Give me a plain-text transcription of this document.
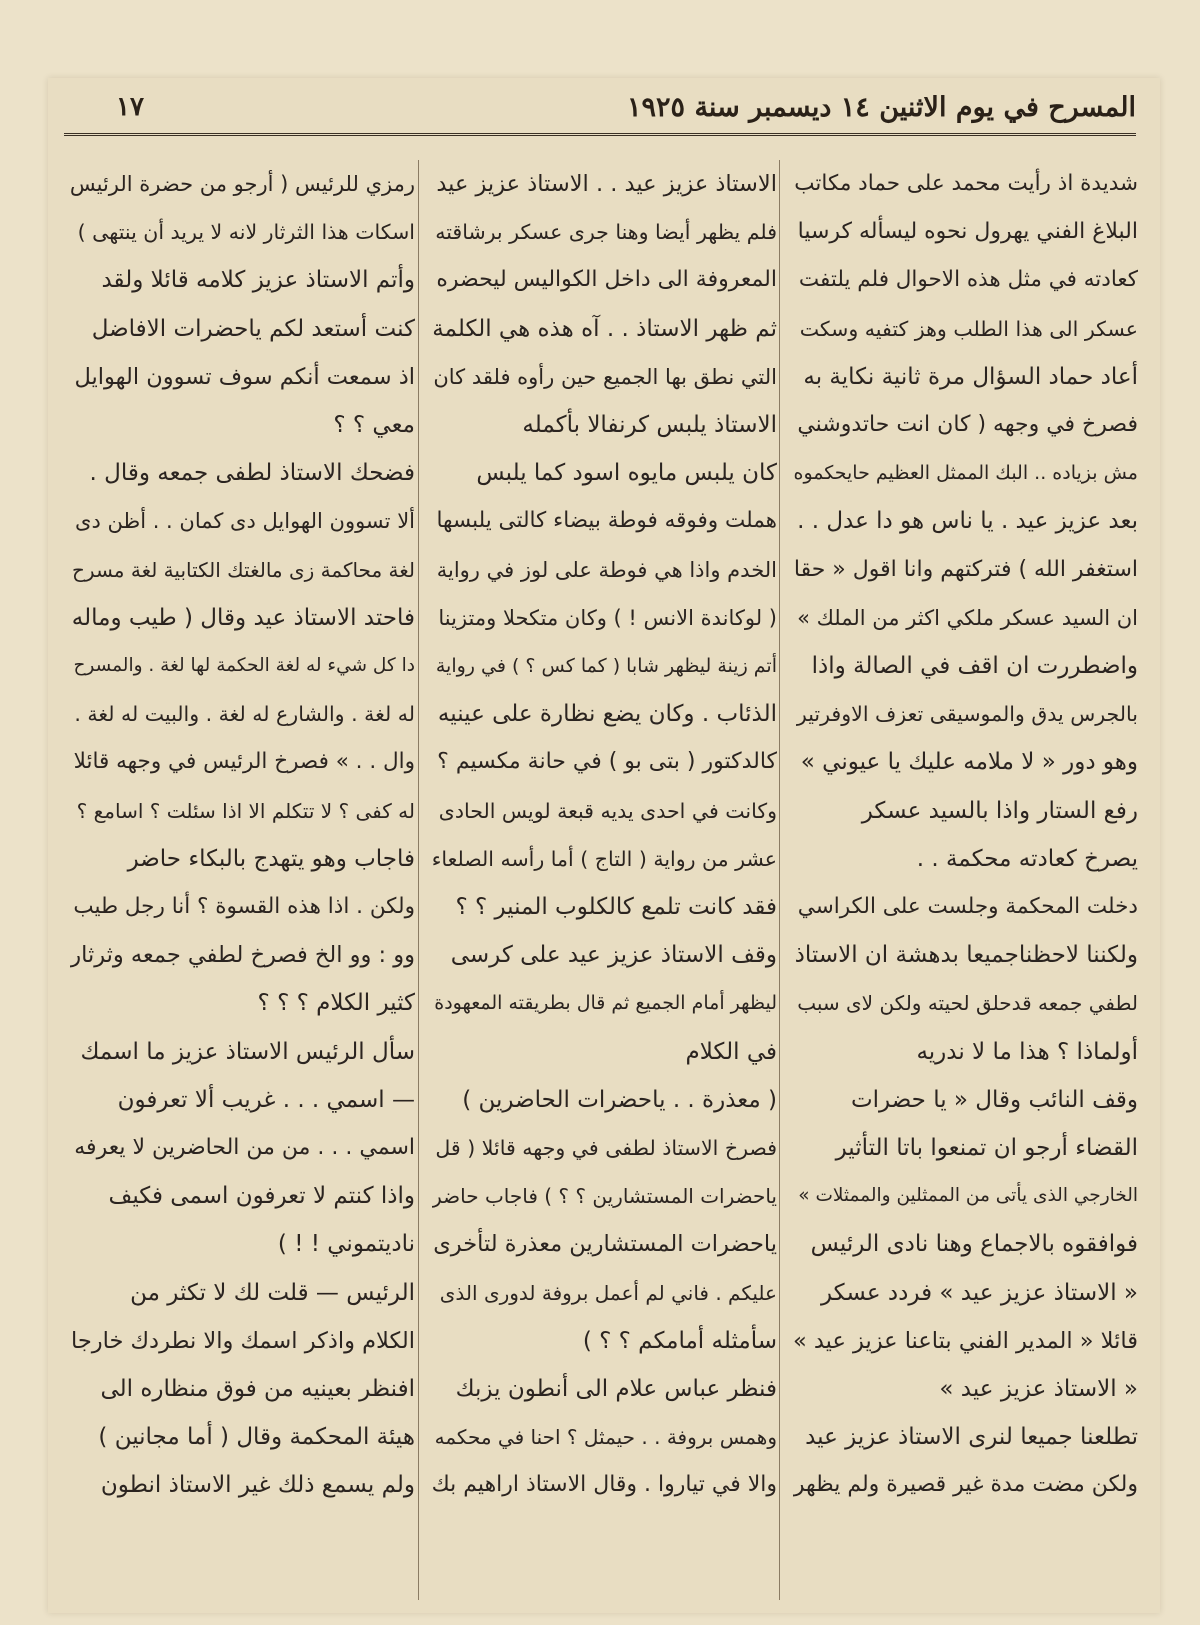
المسرح في يوم الاثنين ١٤ ديسمبر سنة ١٩٢٥
١٧

شديدة اذ رأيت محمد على حماد مكاتب

البلاغ الفني يهرول نحوه ليسأله كرسيا

كعادته في مثل هذه الاحوال فلم يلتفت

عسكر الى هذا الطلب وهز كتفيه وسكت

أعاد حماد السؤال مرة ثانية نكاية به

فصرخ في وجهه ( كان انت حاتدوشني

مش بزياده .. البك الممثل العظيم حايحكموه

بعد عزيز عيد . يا ناس هو دا عدل . .

استغفر الله ) فتركتهم وانا اقول « حقا

ان السيد عسكر ملكي اكثر من الملك »

واضطررت ان اقف في الصالة واذا

بالجرس يدق والموسيقى تعزف الاوفرتير

وهو دور « لا ملامه عليك يا عيوني »

رفع الستار واذا بالسيد عسكر

يصرخ كعادته محكمة . .

دخلت المحكمة وجلست على الكراسي

ولكننا لاحظناجميعا بدهشة ان الاستاذ

لطفي جمعه قدحلق لحيته ولكن لاى سبب

أولماذا ؟ هذا ما لا ندريه

وقف النائب وقال « يا حضرات

القضاء أرجو ان تمنعوا باتا التأثير

الخارجي الذى يأتى من الممثلين والممثلات »

فوافقوه بالاجماع وهنا نادى الرئيس

« الاستاذ عزيز عيد » فردد عسكر

قائلا « المدير الفني بتاعنا عزيز عيد »

« الاستاذ عزيز عيد »

تطلعنا جميعا لنرى الاستاذ عزيز عيد

ولكن مضت مدة غير قصيرة ولم يظهر

الاستاذ عزيز عيد . . الاستاذ عزيز عيد

فلم يظهر أيضا وهنا جرى عسكر برشاقته

المعروفة الى داخل الكواليس ليحضره

ثم ظهر الاستاذ . . آه هذه هي الكلمة

التي نطق بها الجميع حين رأوه فلقد كان

الاستاذ يلبس كرنفالا بأكمله

كان يلبس مايوه اسود كما يلبس

هملت وفوقه فوطة بيضاء كالتى يلبسها

الخدم واذا هي فوطة على لوز في رواية

( لوكاندة الانس ! ) وكان متكحلا ومتزينا

أتم زينة ليظهر شابا ( كما كس ؟ ) في رواية

الذئاب . وكان يضع نظارة على عينيه

كالدكتور ( بتى بو ) في حانة مكسيم ؟

وكانت في احدى يديه قبعة لويس الحادى

عشر من رواية ( التاج ) أما رأسه الصلعاء

فقد كانت تلمع كالكلوب المنير ؟ ؟

وقف الاستاذ عزيز عيد على كرسى

ليظهر أمام الجميع ثم قال بطريقته المعهودة

في الكلام

( معذرة . . ياحضرات الحاضرين )

فصرخ الاستاذ لطفى في وجهه قائلا ( قل

ياحضرات المستشارين ؟ ؟ ) فاجاب حاضر

ياحضرات المستشارين معذرة لتأخرى

عليكم . فاني لم أعمل بروفة لدورى الذى

سأمثله أمامكم ؟ ؟ )

فنظر عباس علام الى أنطون يزبك

وهمس بروفة . . حيمثل ؟ احنا في محكمه

والا في تياروا . وقال الاستاذ اراهيم بك

رمزي للرئيس ( أرجو من حضرة الرئيس

اسكات هذا الثرثار لانه لا يريد أن ينتهى )

وأتم الاستاذ عزيز كلامه قائلا ولقد

كنت أستعد لكم ياحضرات الافاضل

اذ سمعت أنكم سوف تسوون الهوايل

معي ؟ ؟

فضحك الاستاذ لطفى جمعه وقال .

ألا تسوون الهوايل دى كمان . . أظن دى

لغة محاكمة زى مالغتك الكتابية لغة مسرح

فاحتد الاستاذ عيد وقال ( طيب وماله

دا كل شيء له لغة الحكمة لها لغة . والمسرح

له لغة . والشارع له لغة . والبيت له لغة .

وال . . » فصرخ الرئيس في وجهه قائلا

له كفى ؟ لا تتكلم الا اذا سئلت ؟ اسامع ؟

فاجاب وهو يتهدج بالبكاء حاضر

ولكن . اذا هذه القسوة ؟ أنا رجل طيب

وو : وو الخ فصرخ لطفي جمعه وثرثار

كثير الكلام ؟ ؟ ؟

سأل الرئيس الاستاذ عزيز ما اسمك

— اسمي . . . غريب ألا تعرفون

اسمي . . . من من الحاضرين لا يعرفه

واذا كنتم لا تعرفون اسمى فكيف

ناديتموني ! ! )

الرئيس — قلت لك لا تكثر من

الكلام واذكر اسمك والا نطردك خارجا

افنظر بعينيه من فوق منظاره الى

هيئة المحكمة وقال ( أما مجانين )

ولم يسمع ذلك غير الاستاذ انطون
